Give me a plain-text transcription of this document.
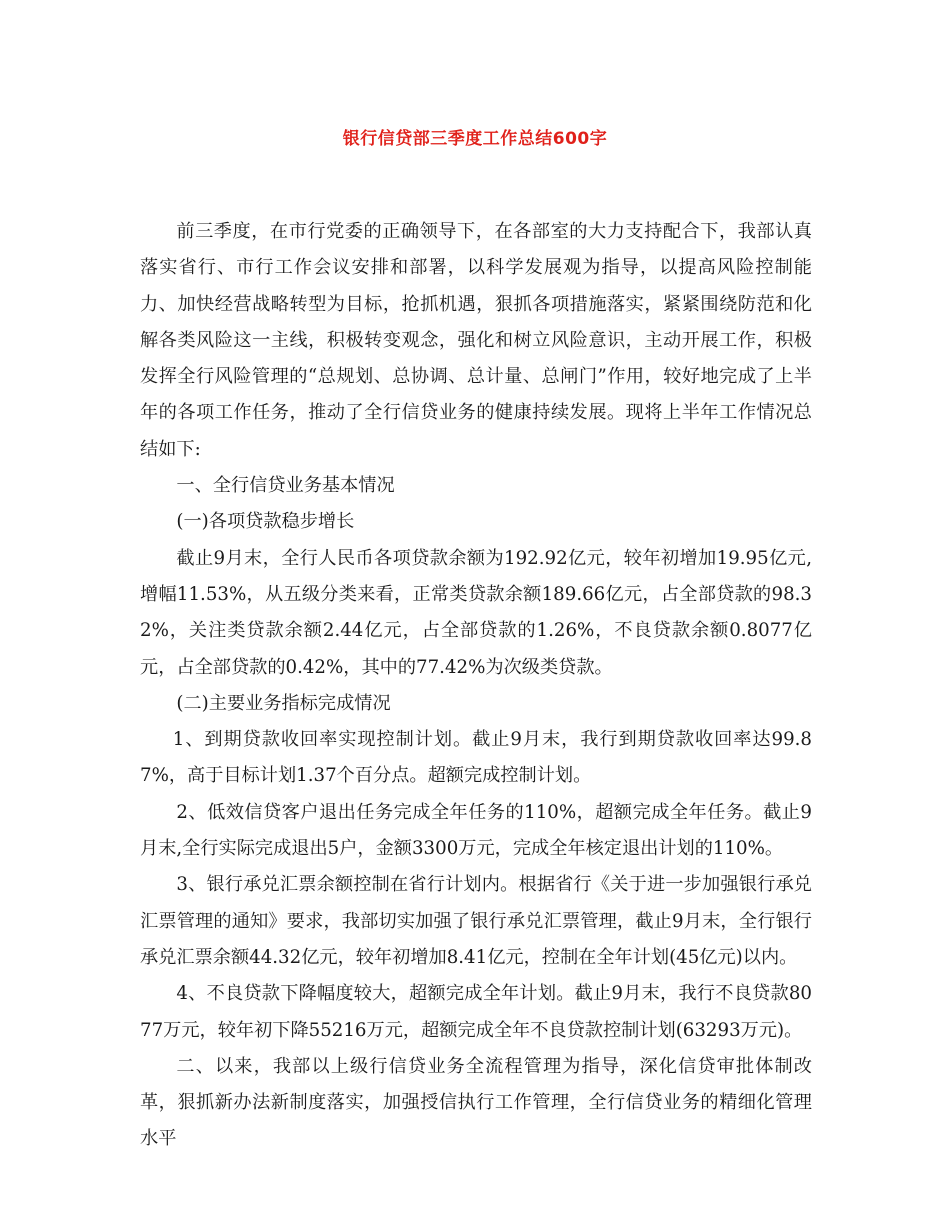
银行信贷部三季度工作总结600字

前三季度，在市行党委的正确领导下，在各部室的大力支持配合下，我部认真落实省行、市行工作会议安排和部署，以科学发展观为指导，以提高风险控制能力、加快经营战略转型为目标，抢抓机遇，狠抓各项措施落实，紧紧围绕防范和化解各类风险这一主线，积极转变观念，强化和树立风险意识，主动开展工作，积极发挥全行风险管理的“总规划、总协调、总计量、总闸门”作用，较好地完成了上半年的各项工作任务，推动了全行信贷业务的健康持续发展。现将上半年工作情况总结如下:

一、全行信贷业务基本情况

(一)各项贷款稳步增长

截止9月末，全行人民币各项贷款余额为192.92亿元，较年初增加19.95亿元,增幅11.53%，从五级分类来看，正常类贷款余额189.66亿元，占全部贷款的98.32%，关注类贷款余额2.44亿元，占全部贷款的1.26%，不良贷款余额0.8077亿元，占全部贷款的0.42%，其中的77.42%为次级类贷款。

(二)主要业务指标完成情况

1、到期贷款收回率实现控制计划。截止9月末，我行到期贷款收回率达99.87%，高于目标计划1.37个百分点。超额完成控制计划。

2、低效信贷客户退出任务完成全年任务的110%，超额完成全年任务。截止9月末,全行实际完成退出5户，金额3300万元，完成全年核定退出计划的110%。

3、银行承兑汇票余额控制在省行计划内。根据省行《关于进一步加强银行承兑汇票管理的通知》要求，我部切实加强了银行承兑汇票管理，截止9月末，全行银行承兑汇票余额44.32亿元，较年初增加8.41亿元，控制在全年计划(45亿元)以内。

4、不良贷款下降幅度较大，超额完成全年计划。截止9月末，我行不良贷款8077万元，较年初下降55216万元，超额完成全年不良贷款控制计划(63293万元)。

二、以来，我部以上级行信贷业务全流程管理为指导，深化信贷审批体制改革，狠抓新办法新制度落实，加强授信执行工作管理，全行信贷业务的精细化管理水平
